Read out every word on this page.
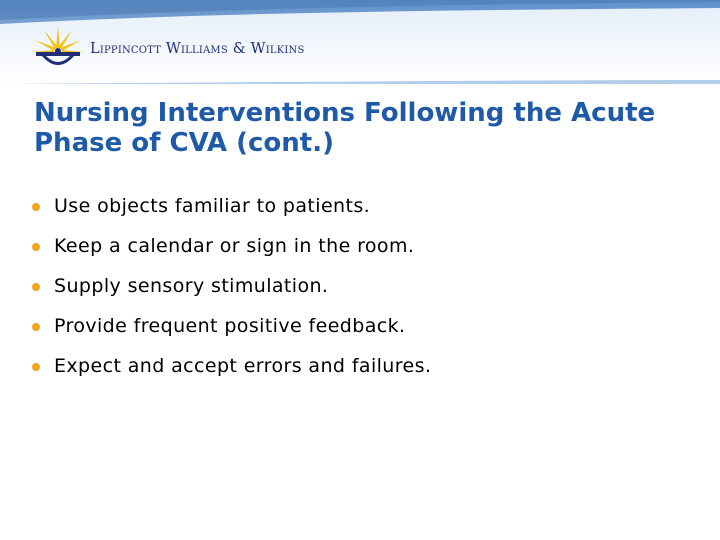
Lippincott Williams & Wilkins
Nursing Interventions Following the Acute
Phase of CVA (cont.)
Use objects familiar to patients.
Keep a calendar or sign in the room.
Supply sensory stimulation.
Provide frequent positive feedback.
Expect and accept errors and failures.
